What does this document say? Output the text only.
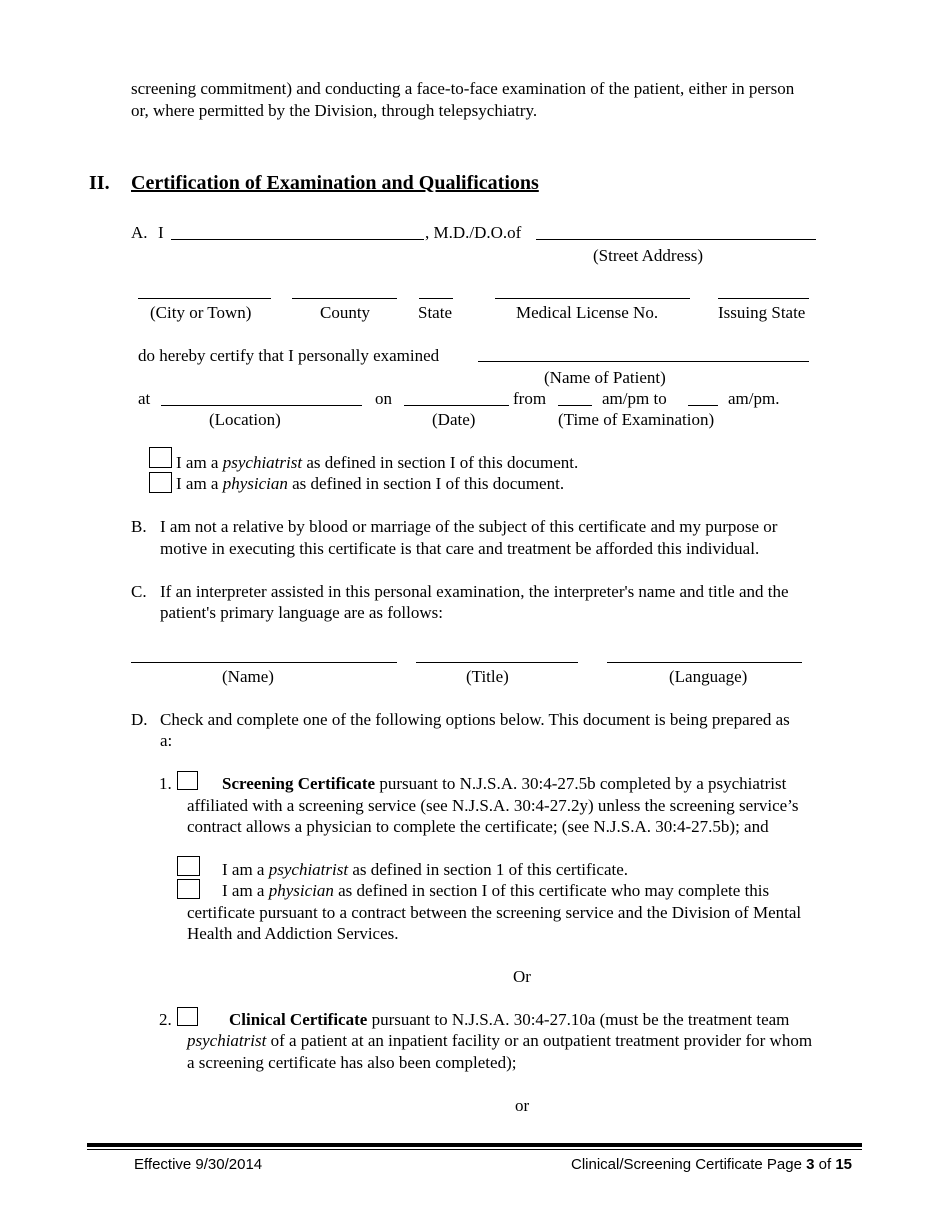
screening commitment) and conducting a face-to-face examination of the patient, either in person
or, where permitted by the Division, through telepsychiatry.
II. Certification of Examination and Qualifications
A. I	, M.D./D.O.of
(Street Address)
(City or Town)	County	State	Medical License No.	Issuing State
do hereby certify that I personally examined
(Name of Patient)
at	on	from	am/pm to	am/pm.
(Location)	(Date)	(Time of Examination)
I am a psychiatrist as defined in section I of this document.
I am a physician as defined in section I of this document.
B. I am not a relative by blood or marriage of the subject of this certificate and my purpose or
motive in executing this certificate is that care and treatment be afforded this individual.
C. If an interpreter assisted in this personal examination, the interpreter's name and title and the
patient's primary language are as follows:
(Name)	(Title)	(Language)
D. Check and complete one of the following options below. This document is being prepared as
a:
1.	Screening Certificate pursuant to N.J.S.A. 30:4-27.5b completed by a psychiatrist
affiliated with a screening service (see N.J.S.A. 30:4-27.2y) unless the screening service’s
contract allows a physician to complete the certificate; (see N.J.S.A. 30:4-27.5b); and
I am a psychiatrist as defined in section 1 of this certificate.
I am a physician as defined in section I of this certificate who may complete this
certificate pursuant to a contract between the screening service and the Division of Mental
Health and Addiction Services.
Or
2.	Clinical Certificate pursuant to N.J.S.A. 30:4-27.10a (must be the treatment team
psychiatrist of a patient at an inpatient facility or an outpatient treatment provider for whom
a screening certificate has also been completed);
or
Effective 9/30/2014	Clinical/Screening Certificate Page 3 of 15
